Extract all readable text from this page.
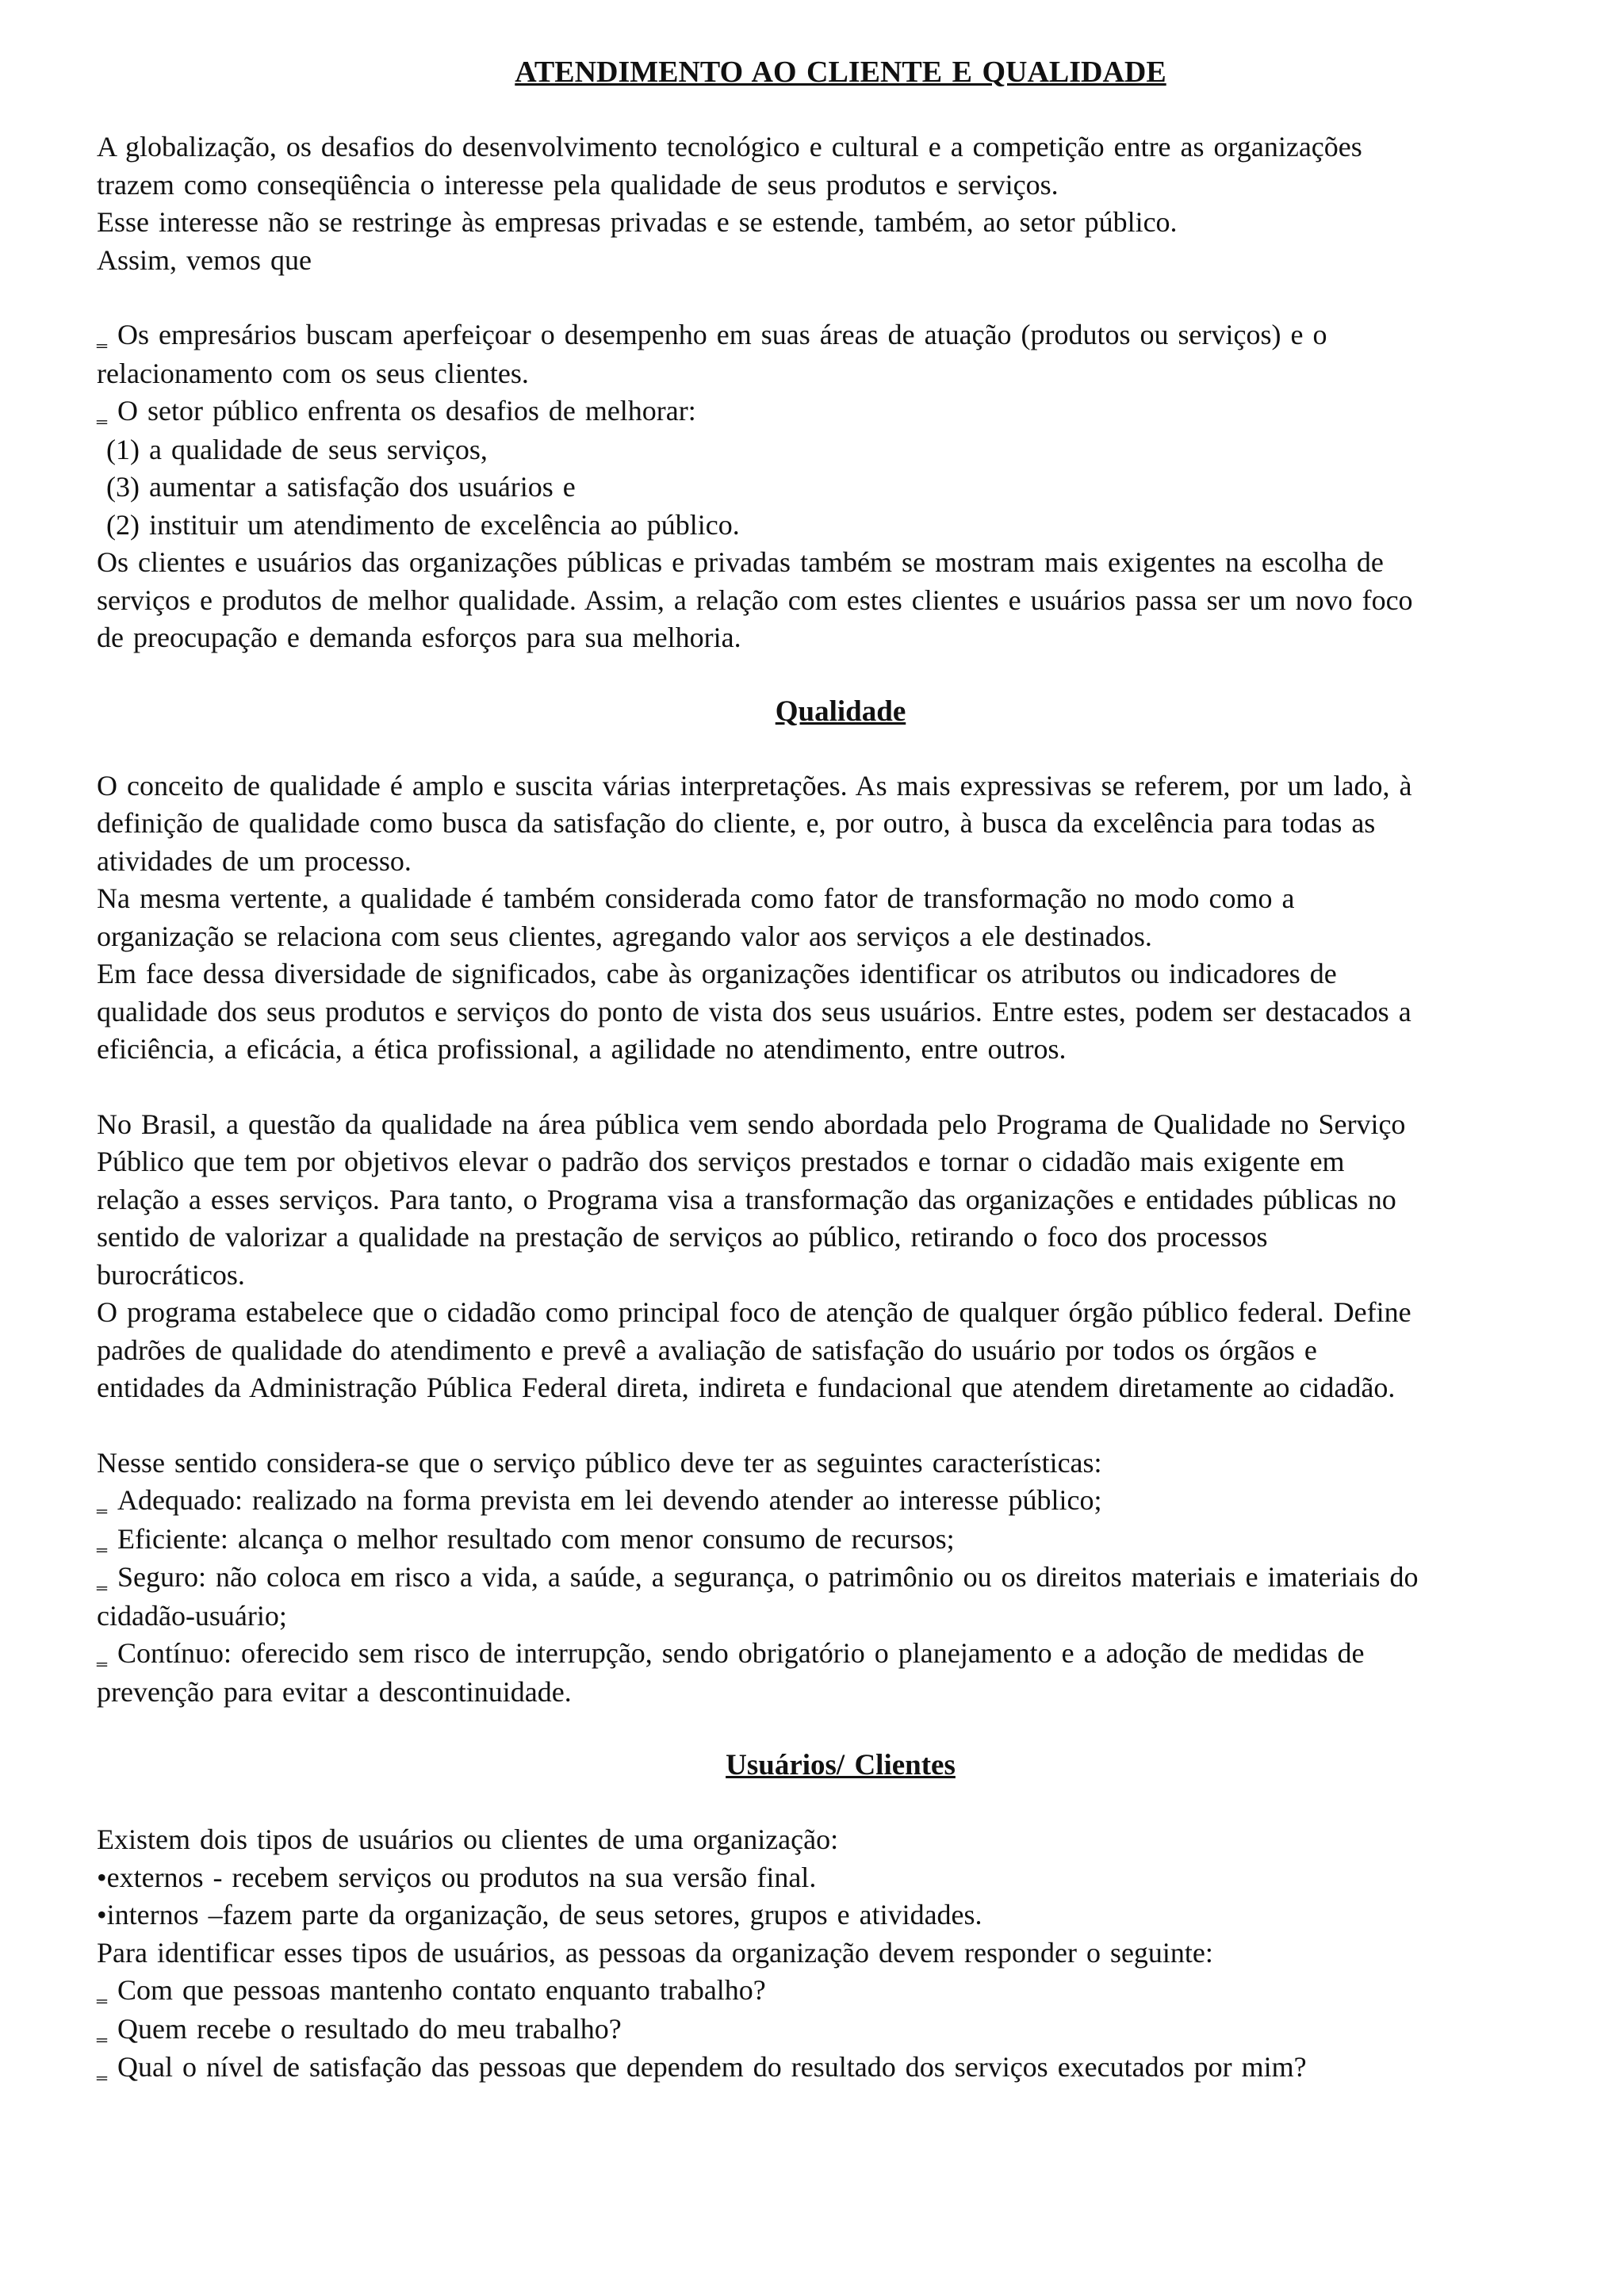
ATENDIMENTO AO CLIENTE E QUALIDADE
A globalização, os desafios do desenvolvimento tecnológico e cultural e a competição entre as organizações
trazem como conseqüência o interesse pela qualidade de seus produtos e serviços.
Esse interesse não se restringe às empresas privadas e se estende, também, ao setor público.
Assim, vemos que
‗ Os empresários buscam aperfeiçoar o desempenho em suas áreas de atuação (produtos ou serviços) e o
relacionamento com os seus clientes.
‗ O setor público enfrenta os desafios de melhorar:
(1) a qualidade de seus serviços,
(3) aumentar a satisfação dos usuários e
(2) instituir um atendimento de excelência ao público.
Os clientes e usuários das organizações públicas e privadas também se mostram mais exigentes na escolha de
serviços e produtos de melhor qualidade. Assim, a relação com estes clientes e usuários passa ser um novo foco
de preocupação e demanda esforços para sua melhoria.
Qualidade
O conceito de qualidade é amplo e suscita várias interpretações. As mais expressivas se referem, por um lado, à
definição de qualidade como busca da satisfação do cliente, e, por outro, à busca da excelência para todas as
atividades de um processo.
Na mesma vertente, a qualidade é também considerada como fator de transformação no modo como a
organização se relaciona com seus clientes, agregando valor aos serviços a ele destinados.
Em face dessa diversidade de significados, cabe às organizações identificar os atributos ou indicadores de
qualidade dos seus produtos e serviços do ponto de vista dos seus usuários. Entre estes, podem ser destacados a
eficiência, a eficácia, a ética profissional, a agilidade no atendimento, entre outros.
No Brasil, a questão da qualidade na área pública vem sendo abordada pelo Programa de Qualidade no Serviço
Público que tem por objetivos elevar o padrão dos serviços prestados e tornar o cidadão mais exigente em
relação a esses serviços. Para tanto, o Programa visa a transformação das organizações e entidades públicas no
sentido de valorizar a qualidade na prestação de serviços ao público, retirando o foco dos processos
burocráticos.
O programa estabelece que o cidadão como principal foco de atenção de qualquer órgão público federal. Define
padrões de qualidade do atendimento e prevê a avaliação de satisfação do usuário por todos os órgãos e
entidades da Administração Pública Federal direta, indireta e fundacional que atendem diretamente ao cidadão.
Nesse sentido considera-se que o serviço público deve ter as seguintes características:
‗ Adequado: realizado na forma prevista em lei devendo atender ao interesse público;
‗ Eficiente: alcança o melhor resultado com menor consumo de recursos;
‗ Seguro: não coloca em risco a vida, a saúde, a segurança, o patrimônio ou os direitos materiais e imateriais do
cidadão-usuário;
‗ Contínuo: oferecido sem risco de interrupção, sendo obrigatório o planejamento e a adoção de medidas de
prevenção para evitar a descontinuidade.
Usuários/ Clientes
Existem dois tipos de usuários ou clientes de uma organização:
•externos - recebem serviços ou produtos na sua versão final.
•internos –fazem parte da organização, de seus setores, grupos e atividades.
Para identificar esses tipos de usuários, as pessoas da organização devem responder o seguinte:
‗ Com que pessoas mantenho contato enquanto trabalho?
‗ Quem recebe o resultado do meu trabalho?
‗ Qual o nível de satisfação das pessoas que dependem do resultado dos serviços executados por mim?
